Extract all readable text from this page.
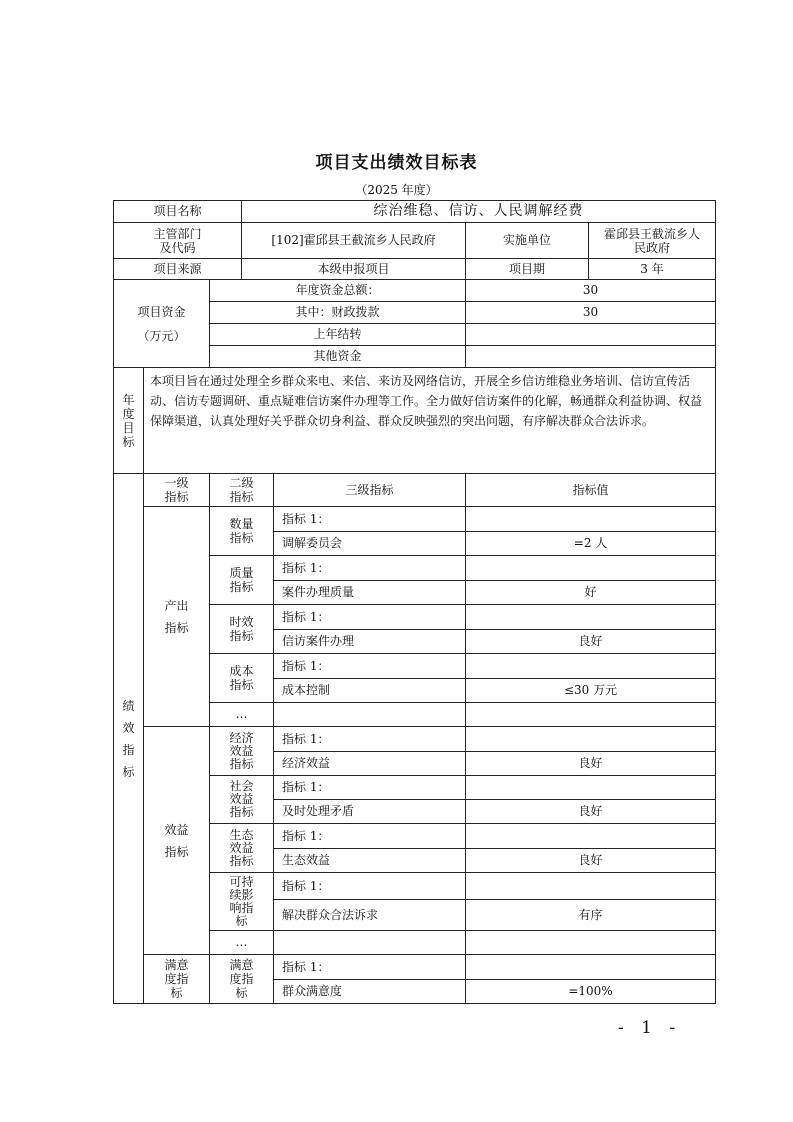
项目支出绩效目标表
（2025 年度）
项目名称			综治维稳、信访、人民调解经费			
主管部门及代码			[102]霍邱县王截流乡人民政府		实施单位	霍邱县王截流乡人民政府
项目来源			本级申报项目		项目期	3 年
项目资金（万元）		年度资金总额：			30	
		其中：财政拨款			30	
		上年结转				
		其他资金				
年度目标	本项目旨在通过处理全乡群众来电、来信、来访及网络信访，开展全乡信访维稳业务培训、信访宣传活动、信访专题调研、重点疑难信访案件办理等工作。全力做好信访案件的化解，畅通群众利益协调、权益保障渠道，认真处理好关乎群众切身利益、群众反映强烈的突出问题，有序解决群众合法诉求。					
绩效指标	一级指标	二级指标		三级指标	指标值	
	产出指标	数量指标		指标 1：		
				调解委员会	=2 人	
		质量指标		指标 1：		
				案件办理质量	好	
		时效指标		指标 1：		
				信访案件办理	良好	
		成本指标		指标 1：		
				成本控制	≤30 万元	
		…				
	效益指标	经济效益指标		指标 1：		
				经济效益	良好	
		社会效益指标		指标 1：		
				及时处理矛盾	良好	
		生态效益指标		指标 1：		
				生态效益	良好	
		可持续影响指标		指标 1：		
				解决群众合法诉求	有序	
		…				
	满意度指标	满意度指标		指标 1：		
				群众满意度	=100%	
- 1 -
